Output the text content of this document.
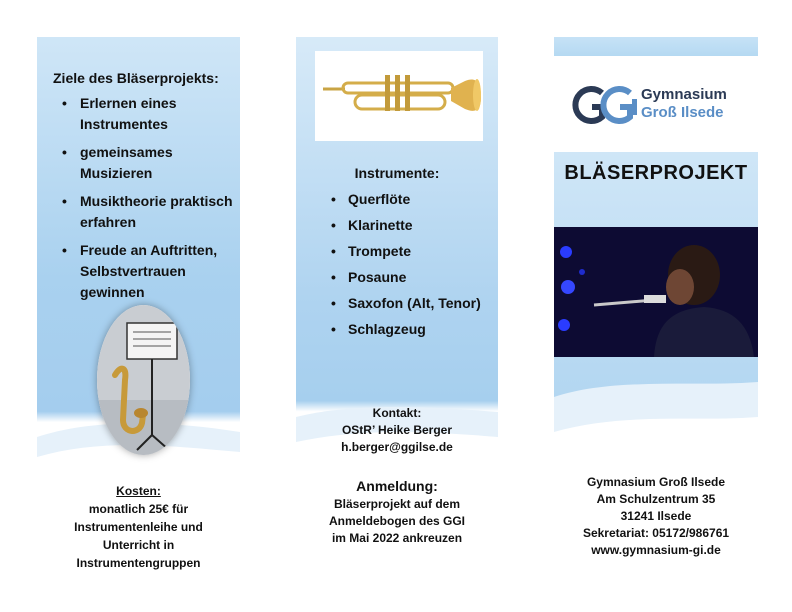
Ziele des Bläserprojekts:
• Erlernen eines Instrumentes
• gemeinsames Musizieren
• Musiktheorie praktisch erfahren
• Freude an Auftritten, Selbstvertrauen gewinnen
Kosten:
monatlich 25€ für
Instrumentenleihe und
Unterricht in
Instrumentengruppen
Instrumente:
• Querflöte
• Klarinette
• Trompete
• Posaune
• Saxofon (Alt, Tenor)
• Schlagzeug
Kontakt:
OStR’ Heike Berger
h.berger@ggilse.de
Anmeldung:
Bläserprojekt auf dem
Anmeldebogen des GGI
im Mai 2022 ankreuzen
Gymnasium
Groß Ilsede
BLÄSERPROJEKT
Gymnasium Groß Ilsede
Am Schulzentrum 35
31241 Ilsede
Sekretariat: 05172/986761
www.gymnasium-gi.de
